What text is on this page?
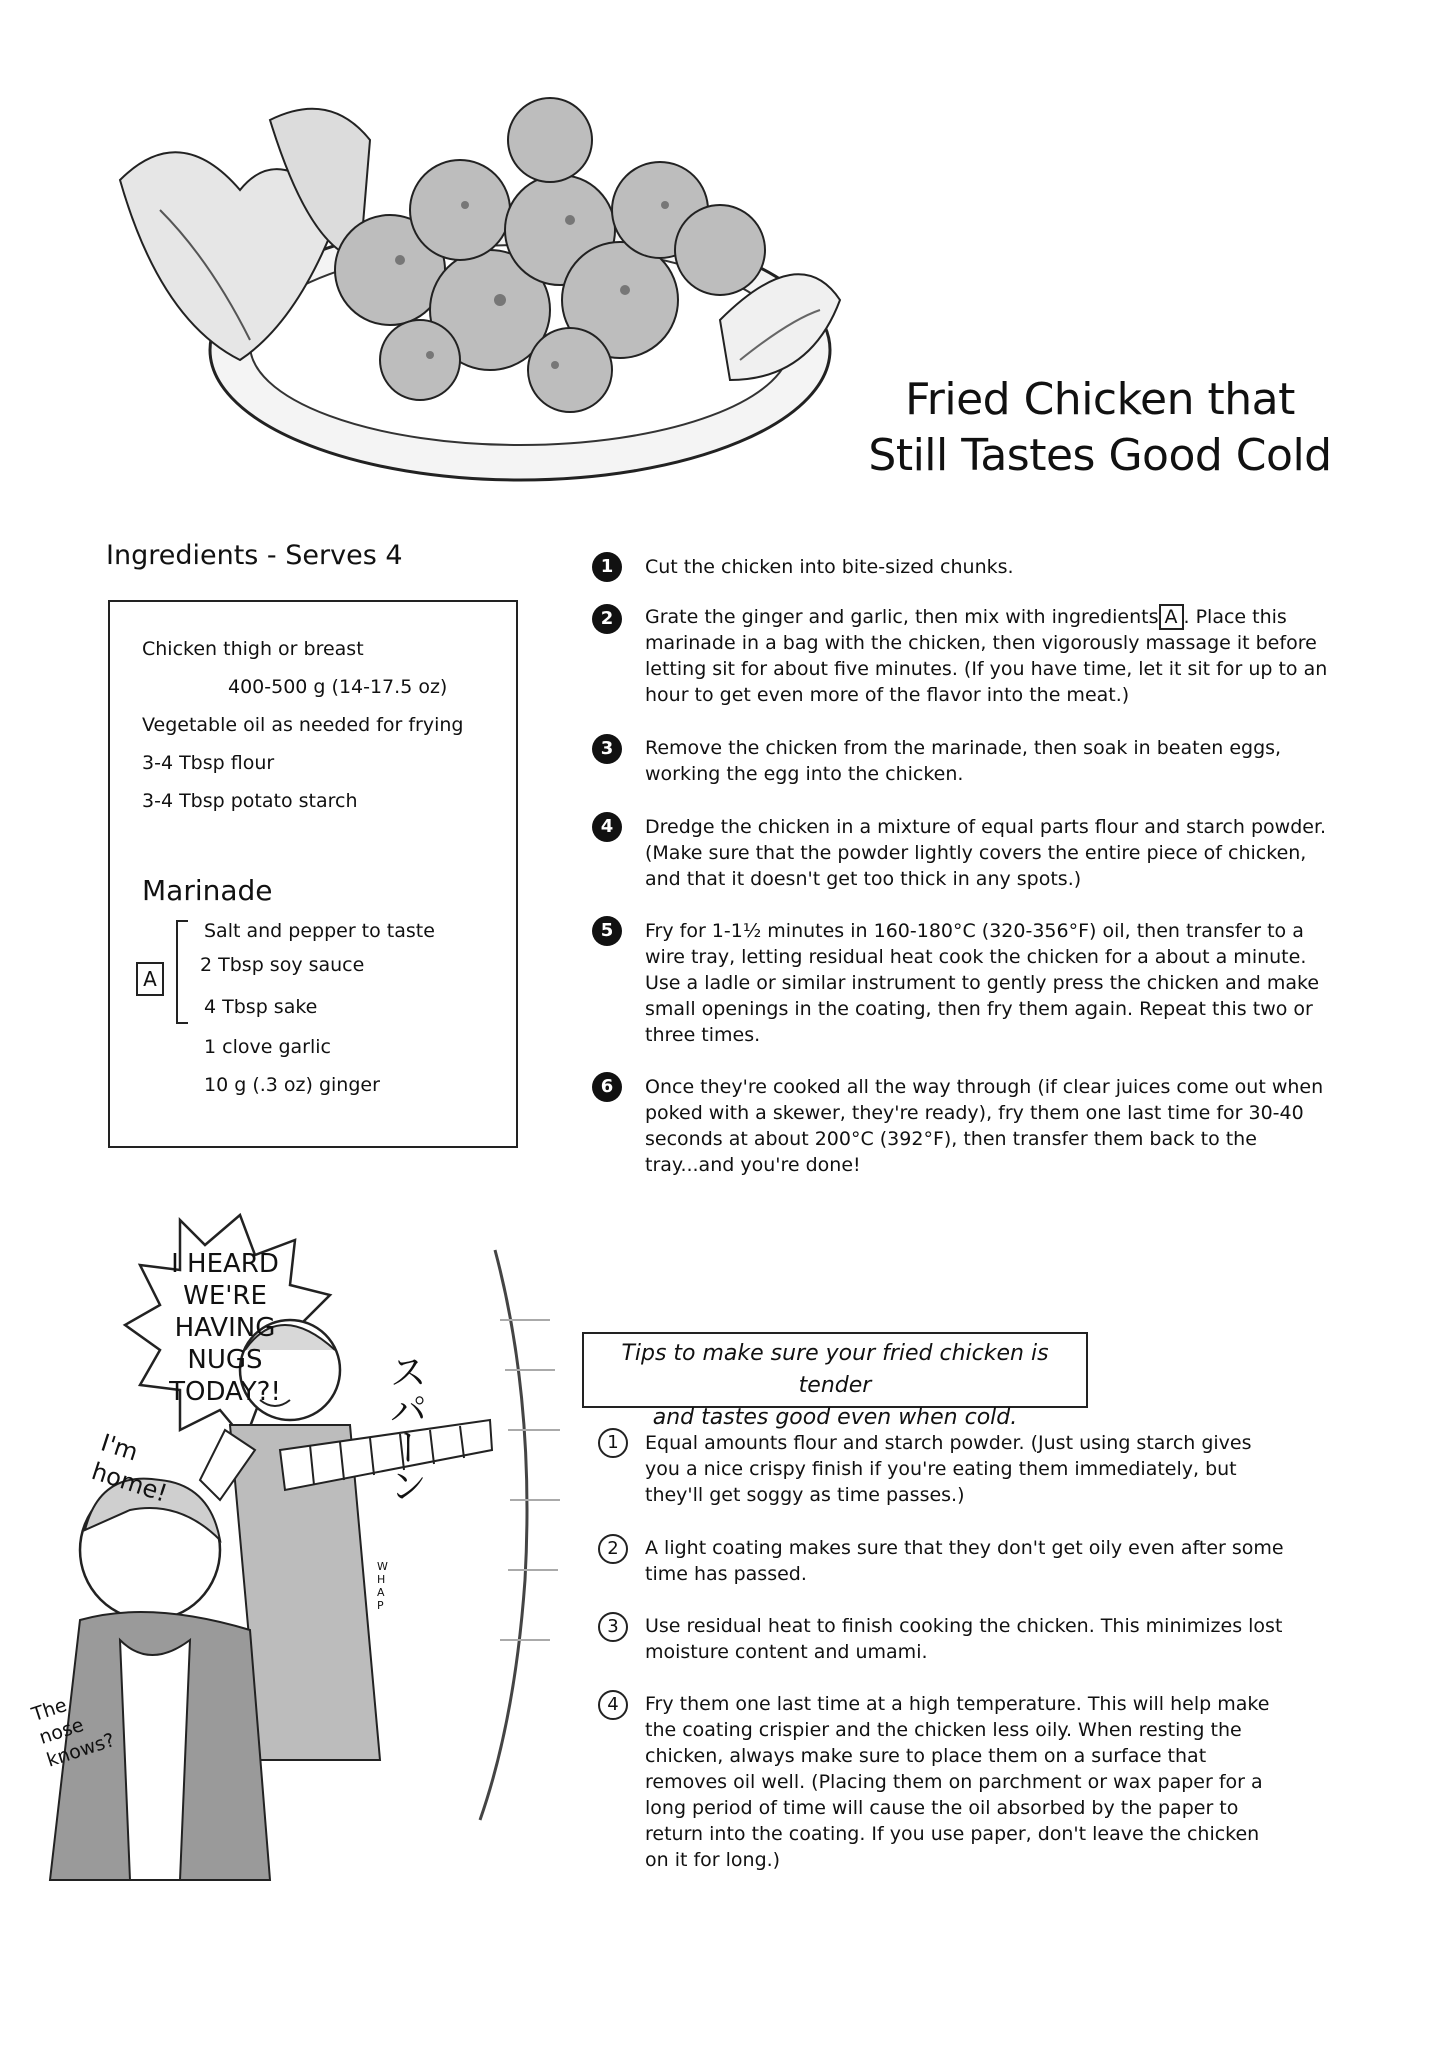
Fried Chicken that
Still Tastes Good Cold
Ingredients - Serves 4
Chicken thigh or breast
400-500 g (14-17.5 oz)
Vegetable oil as needed for frying
3-4 Tbsp flour
3-4 Tbsp potato starch
Marinade
A
Salt and pepper to taste
2 Tbsp soy sauce
4 Tbsp sake
1 clove garlic
10 g (.3 oz) ginger
1	Cut the chicken into bite-sized chunks.
2	Grate the ginger and garlic, then mix with ingredients A . Place this marinade in a bag with the chicken, then vigorously massage it before letting sit for about five minutes. (If you have time, let it sit for up to an hour to get even more of the flavor into the meat.)
3	Remove the chicken from the marinade, then soak in beaten eggs, working the egg into the chicken.
4	Dredge the chicken in a mixture of equal parts flour and starch powder. (Make sure that the powder lightly covers the entire piece of chicken, and that it doesn't get too thick in any spots.)
5	Fry for 1-1½ minutes in 160-180°C (320-356°F) oil, then transfer to a wire tray, letting residual heat cook the chicken for a about a minute. Use a ladle or similar instrument to gently press the chicken and make small openings in the coating, then fry them again. Repeat this two or three times.
6	Once they're cooked all the way through (if clear juices come out when poked with a skewer, they're ready), fry them one last time for 30-40 seconds at about 200°C (392°F), then transfer them back to the tray...and you're done!
I HEARD WE'RE HAVING NUGS TODAY?!
I'm home!
The nose knows?
スパーン
WHAP
Tips to make sure your fried chicken is tender
and tastes good even when cold.
1	Equal amounts flour and starch powder. (Just using starch gives you a nice crispy finish if you're eating them immediately, but they'll get soggy as time passes.)
2	A light coating makes sure that they don't get oily even after some time has passed.
3	Use residual heat to finish cooking the chicken. This minimizes lost moisture content and umami.
4	Fry them one last time at a high temperature. This will help make the coating crispier and the chicken less oily. When resting the chicken, always make sure to place them on a surface that removes oil well. (Placing them on parchment or wax paper for a long period of time will cause the oil absorbed by the paper to return into the coating. If you use paper, don't leave the chicken on it for long.)
